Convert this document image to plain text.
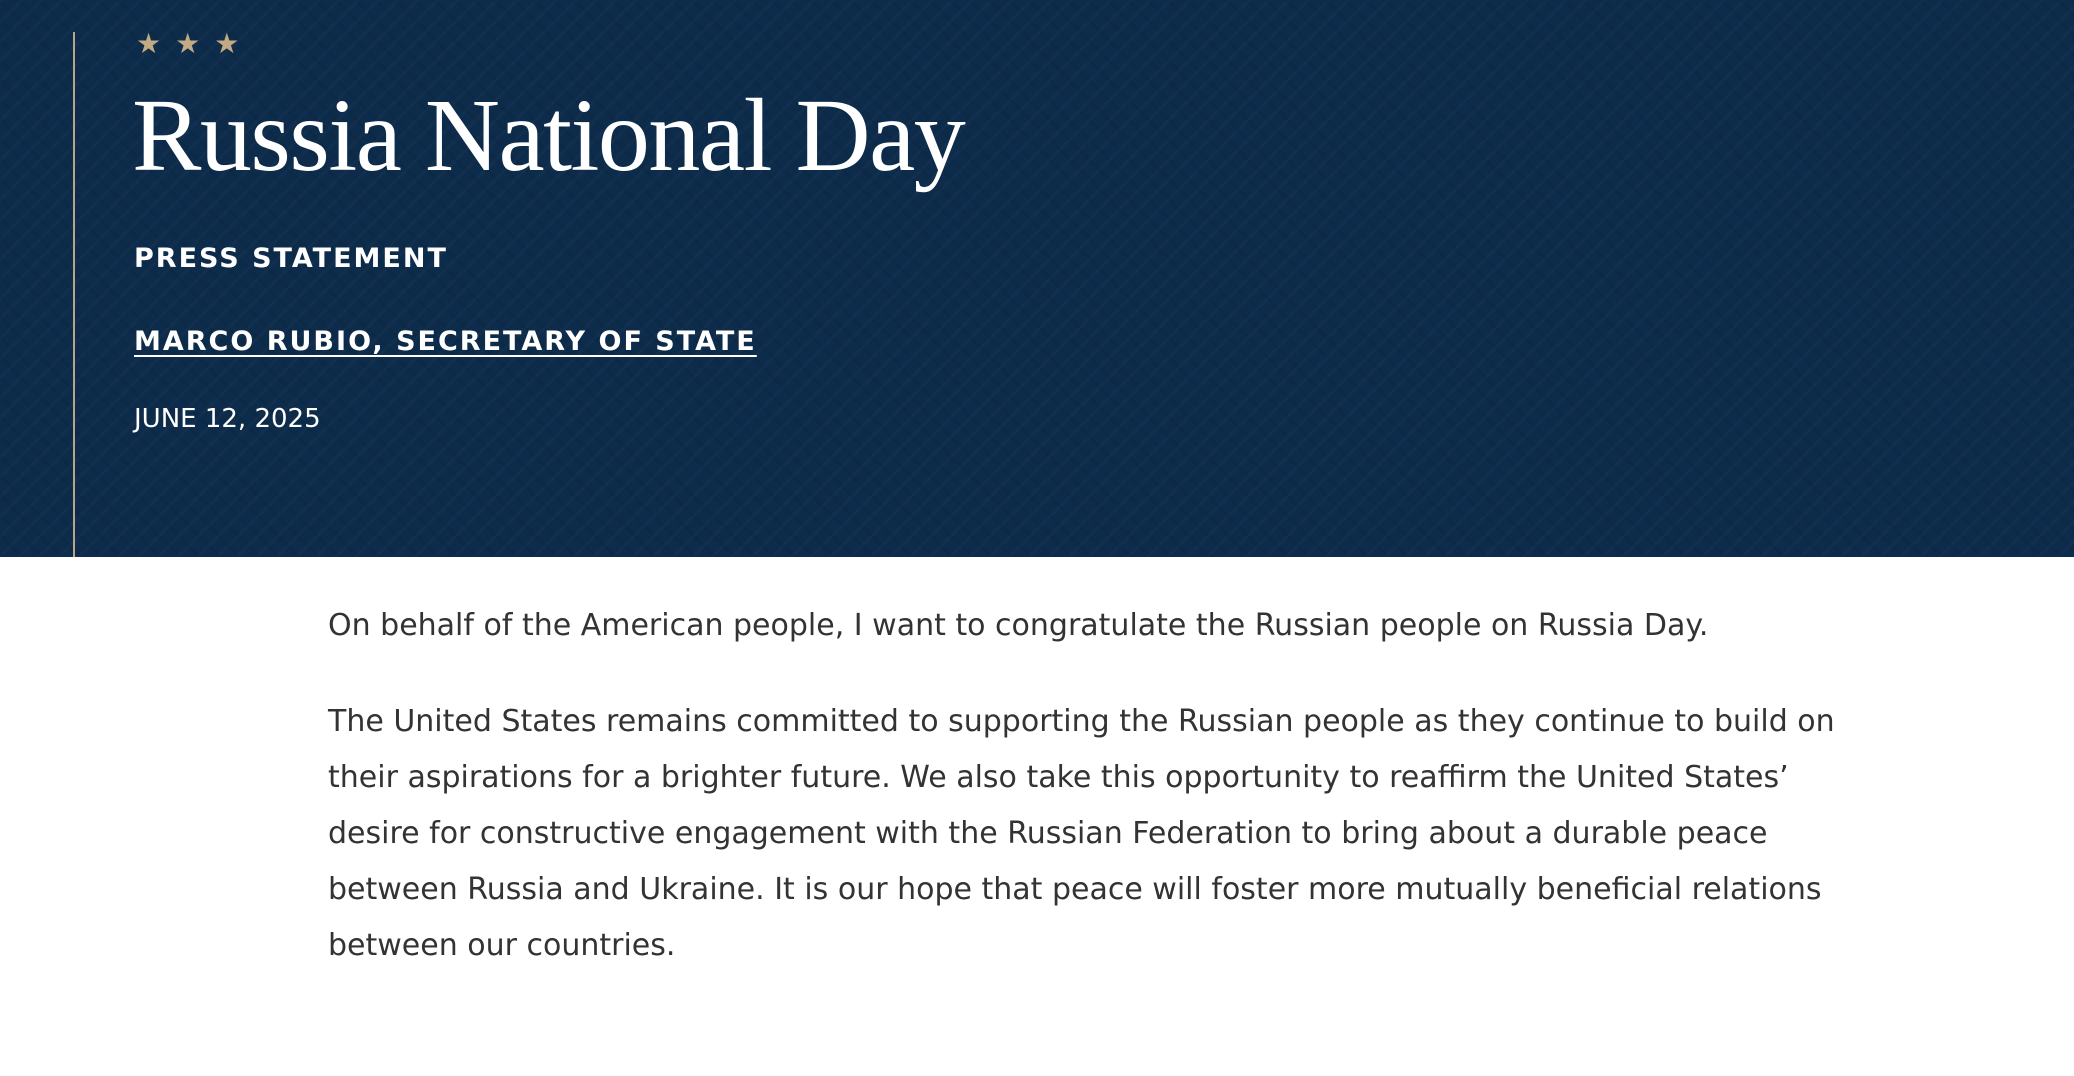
★ ★ ★
Russia National Day
PRESS STATEMENT
MARCO RUBIO, SECRETARY OF STATE
JUNE 12, 2025

On behalf of the American people, I want to congratulate the Russian people on Russia Day.

The United States remains committed to supporting the Russian people as they continue to build on their aspirations for a brighter future. We also take this opportunity to reaffirm the United States’ desire for constructive engagement with the Russian Federation to bring about a durable peace between Russia and Ukraine. It is our hope that peace will foster more mutually beneficial relations between our countries.
